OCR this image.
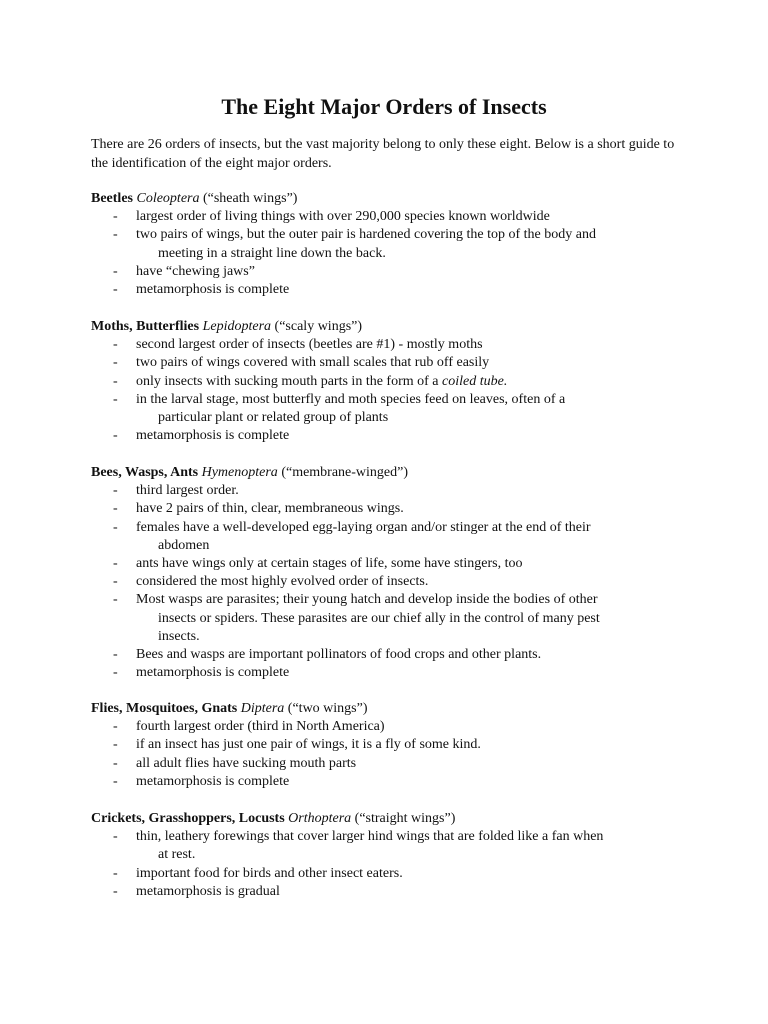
The Eight Major Orders of Insects
There are 26 orders of insects, but the vast majority belong to only these eight. Below is a short guide to the identification of the eight major orders.

Beetles Coleoptera (“sheath wings”)

- largest order of living things with over 290,000 species known worldwide
- two pairs of wings, but the outer pair is hardened covering the top of the body and
meeting in a straight line down the back.
- have “chewing jaws”
- metamorphosis is complete

Moths, Butterflies Lepidoptera (“scaly wings”)

- second largest order of insects (beetles are #1) - mostly moths
- two pairs of wings covered with small scales that rub off easily
- only insects with sucking mouth parts in the form of a coiled tube.
- in the larval stage, most butterfly and moth species feed on leaves, often of a
particular plant or related group of plants
- metamorphosis is complete

Bees, Wasps, Ants Hymenoptera (“membrane-winged”)

- third largest order.
- have 2 pairs of thin, clear, membraneous wings.
- females have a well-developed egg-laying organ and/or stinger at the end of their
abdomen
- ants have wings only at certain stages of life, some have stingers, too
- considered the most highly evolved order of insects.
- Most wasps are parasites; their young hatch and develop inside the bodies of other
insects or spiders. These parasites are our chief ally in the control of many pest
insects.
- Bees and wasps are important pollinators of food crops and other plants.
- metamorphosis is complete

Flies, Mosquitoes, Gnats Diptera (“two wings”)

- fourth largest order (third in North America)
- if an insect has just one pair of wings, it is a fly of some kind.
- all adult flies have sucking mouth parts
- metamorphosis is complete

Crickets, Grasshoppers, Locusts Orthoptera (“straight wings”)

- thin, leathery forewings that cover larger hind wings that are folded like a fan when
at rest.
- important food for birds and other insect eaters.
- metamorphosis is gradual
